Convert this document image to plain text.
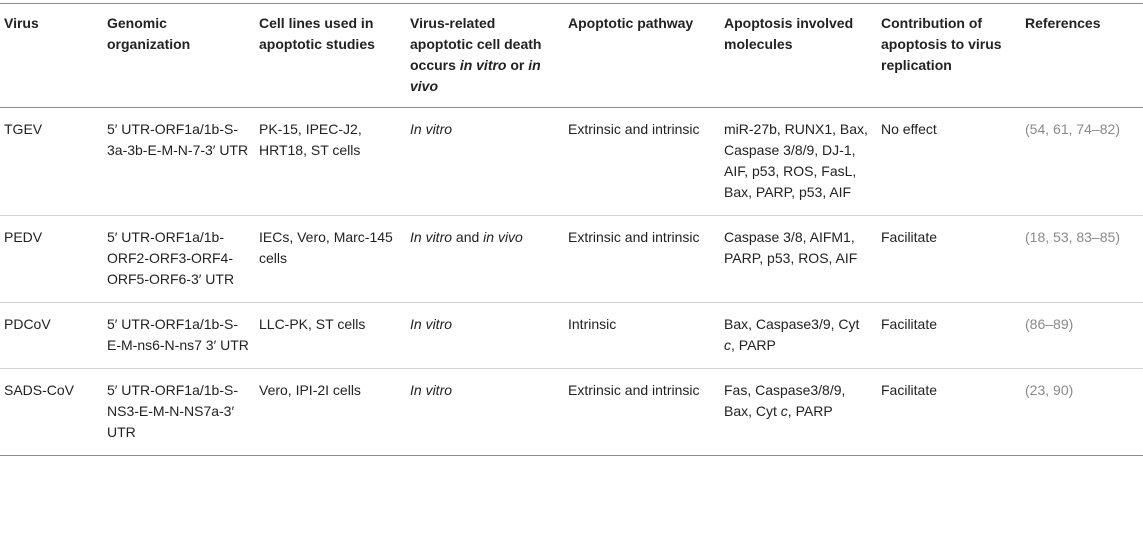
Virus	Genomic organization	Cell lines used in apoptotic studies	Virus-related apoptotic cell death occurs in vitro or in vivo	Apoptotic pathway	Apoptosis involved molecules	Contribution of apoptosis to virus replication	References
TGEV	5′ UTR-ORF1a/1b-S-3a-3b-E-M-N-7-3′ UTR	PK-15, IPEC-J2, HRT18, ST cells	In vitro	Extrinsic and intrinsic	miR-27b, RUNX1, Bax, Caspase 3/8/9, DJ-1, AIF, p53, ROS, FasL, Bax, PARP, p53, AIF	No effect	(54, 61, 74–82)
PEDV	5′ UTR-ORF1a/1b-ORF2-ORF3-ORF4-ORF5-ORF6-3′ UTR	IECs, Vero, Marc-145 cells	In vitro and in vivo	Extrinsic and intrinsic	Caspase 3/8, AIFM1, PARP, p53, ROS, AIF	Facilitate	(18, 53, 83–85)
PDCoV	5′ UTR-ORF1a/1b-S-E-M-ns6-N-ns7 3′ UTR	LLC-PK, ST cells	In vitro	Intrinsic	Bax, Caspase3/9, Cyt c, PARP	Facilitate	(86–89)
SADS-CoV	5′ UTR-ORF1a/1b-S-NS3-E-M-N-NS7a-3′ UTR	Vero, IPI-2I cells	In vitro	Extrinsic and intrinsic	Fas, Caspase3/8/9, Bax, Cyt c, PARP	Facilitate	(23, 90)
